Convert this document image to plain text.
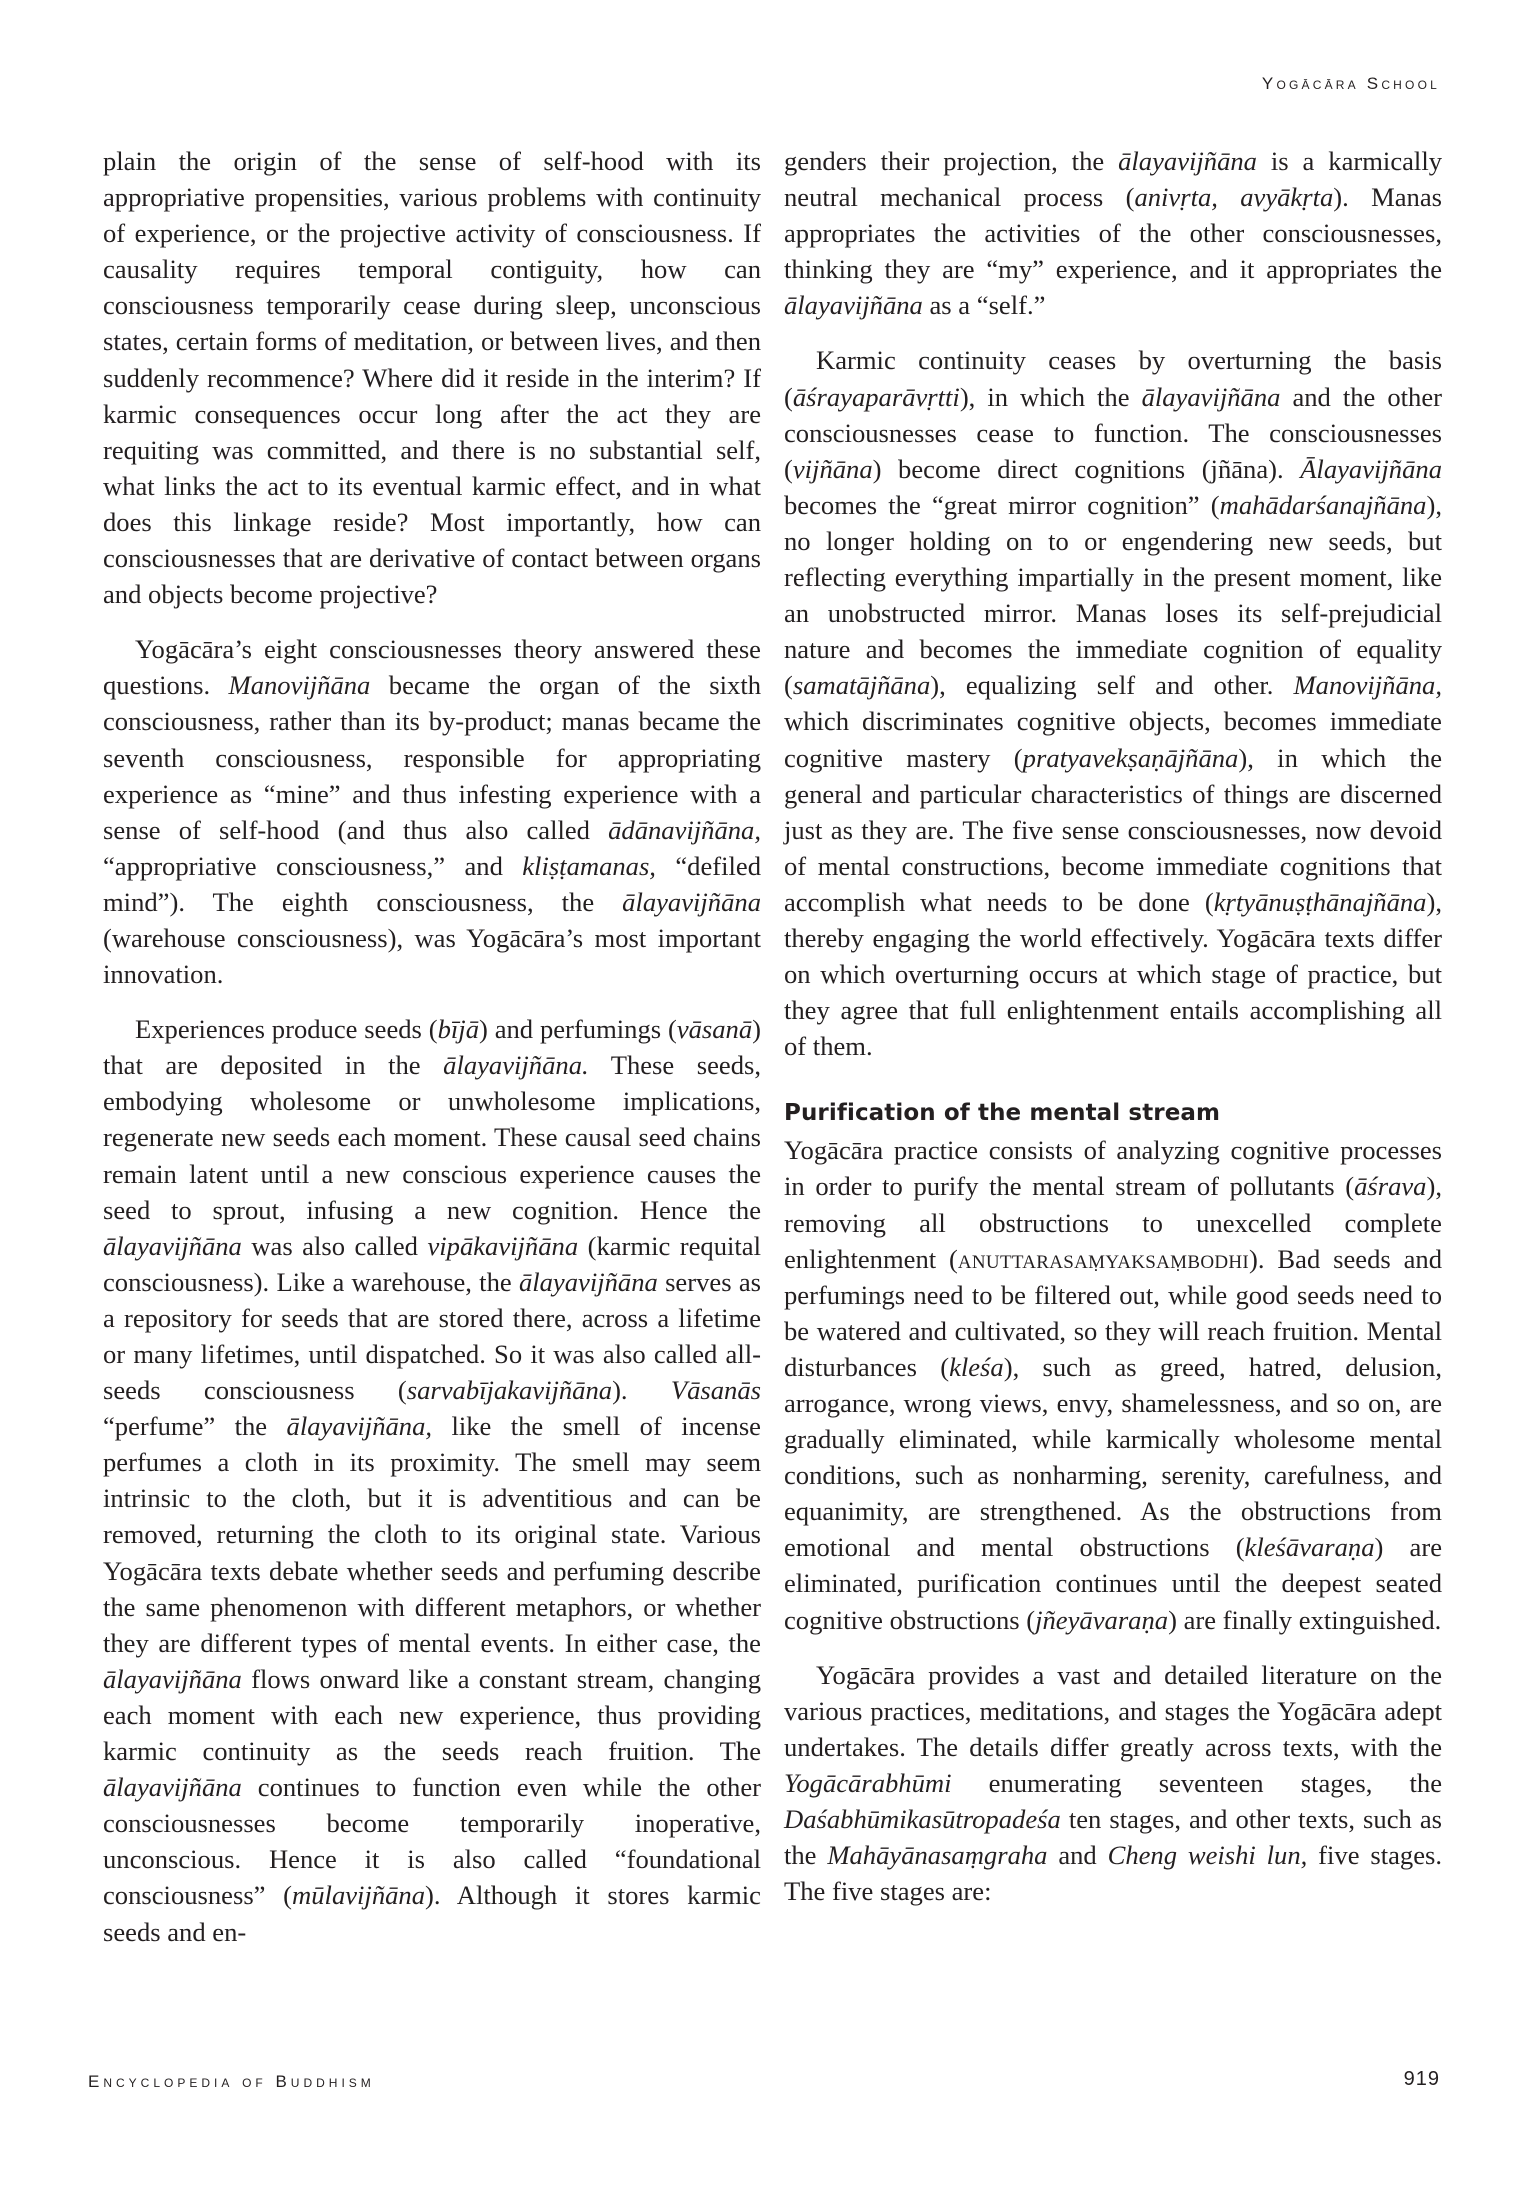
Yogācāra School

plain the origin of the sense of self-hood with its appropriative propensities, various problems with continuity of experience, or the projective activity of consciousness. If causality requires temporal contiguity, how can consciousness temporarily cease during sleep, unconscious states, certain forms of meditation, or between lives, and then suddenly recommence? Where did it reside in the interim? If karmic consequences occur long after the act they are requiting was committed, and there is no substantial self, what links the act to its eventual karmic effect, and in what does this linkage reside? Most importantly, how can consciousnesses that are derivative of contact between organs and objects become projective?

Yogācāra’s eight consciousnesses theory answered these questions. Manovijñāna became the organ of the sixth consciousness, rather than its by-product; manas became the seventh consciousness, responsible for appropriating experience as “mine” and thus infesting experience with a sense of self-hood (and thus also called ādānavijñāna, “appropriative consciousness,” and kliṣṭamanas, “defiled mind”). The eighth consciousness, the ālayavijñāna (warehouse consciousness), was Yogācāra’s most important innovation.

Experiences produce seeds (bījā) and perfumings (vāsanā) that are deposited in the ālayavijñāna. These seeds, embodying wholesome or unwholesome implications, regenerate new seeds each moment. These causal seed chains remain latent until a new conscious experience causes the seed to sprout, infusing a new cognition. Hence the ālayavijñāna was also called vipākavijñāna (karmic requital consciousness). Like a warehouse, the ālayavijñāna serves as a repository for seeds that are stored there, across a lifetime or many lifetimes, until dispatched. So it was also called all-seeds consciousness (sarvabījakavijñāna). Vāsanās “perfume” the ālayavijñāna, like the smell of incense perfumes a cloth in its proximity. The smell may seem intrinsic to the cloth, but it is adventitious and can be removed, returning the cloth to its original state. Various Yogācāra texts debate whether seeds and perfuming describe the same phenomenon with different metaphors, or whether they are different types of mental events. In either case, the ālayavijñāna flows onward like a constant stream, changing each moment with each new experience, thus providing karmic continuity as the seeds reach fruition. The ālayavijñāna continues to function even while the other consciousnesses become temporarily inoperative, unconscious. Hence it is also called “foundational consciousness” (mūlavijñāna). Although it stores karmic seeds and en-

genders their projection, the ālayavijñāna is a karmically neutral mechanical process (anivṛta, avyākṛta). Manas appropriates the activities of the other consciousnesses, thinking they are “my” experience, and it appropriates the ālayavijñāna as a “self.”

Karmic continuity ceases by overturning the basis (āśrayaparāvṛtti), in which the ālayavijñāna and the other consciousnesses cease to function. The consciousnesses (vijñāna) become direct cognitions (jñāna). Ālayavijñāna becomes the “great mirror cognition” (mahādarśanajñāna), no longer holding on to or engendering new seeds, but reflecting everything impartially in the present moment, like an unobstructed mirror. Manas loses its self-prejudicial nature and becomes the immediate cognition of equality (samatājñāna), equalizing self and other. Manovijñāna, which discriminates cognitive objects, becomes immediate cognitive mastery (pratyavekṣaṇājñāna), in which the general and particular characteristics of things are discerned just as they are. The five sense consciousnesses, now devoid of mental constructions, become immediate cognitions that accomplish what needs to be done (kṛtyānuṣṭhānajñāna), thereby engaging the world effectively. Yogācāra texts differ on which overturning occurs at which stage of practice, but they agree that full enlightenment entails accomplishing all of them.

Purification of the mental stream

Yogācāra practice consists of analyzing cognitive processes in order to purify the mental stream of pollutants (āśrava), removing all obstructions to unexcelled complete enlightenment (anuttarasaṃyaksaṃbodhi). Bad seeds and perfumings need to be filtered out, while good seeds need to be watered and cultivated, so they will reach fruition. Mental disturbances (kleśa), such as greed, hatred, delusion, arrogance, wrong views, envy, shamelessness, and so on, are gradually eliminated, while karmically wholesome mental conditions, such as nonharming, serenity, carefulness, and equanimity, are strengthened. As the obstructions from emotional and mental obstructions (kleśāvaraṇa) are eliminated, purification continues until the deepest seated cognitive obstructions (jñeyāvaraṇa) are finally extinguished.

Yogācāra provides a vast and detailed literature on the various practices, meditations, and stages the Yogācāra adept undertakes. The details differ greatly across texts, with the Yogācārabhūmi enumerating seventeen stages, the Daśabhūmikasūtropadeśa ten stages, and other texts, such as the Mahāyānasaṃgraha and Cheng weishi lun, five stages. The five stages are:

Encyclopedia of Buddhism	919
